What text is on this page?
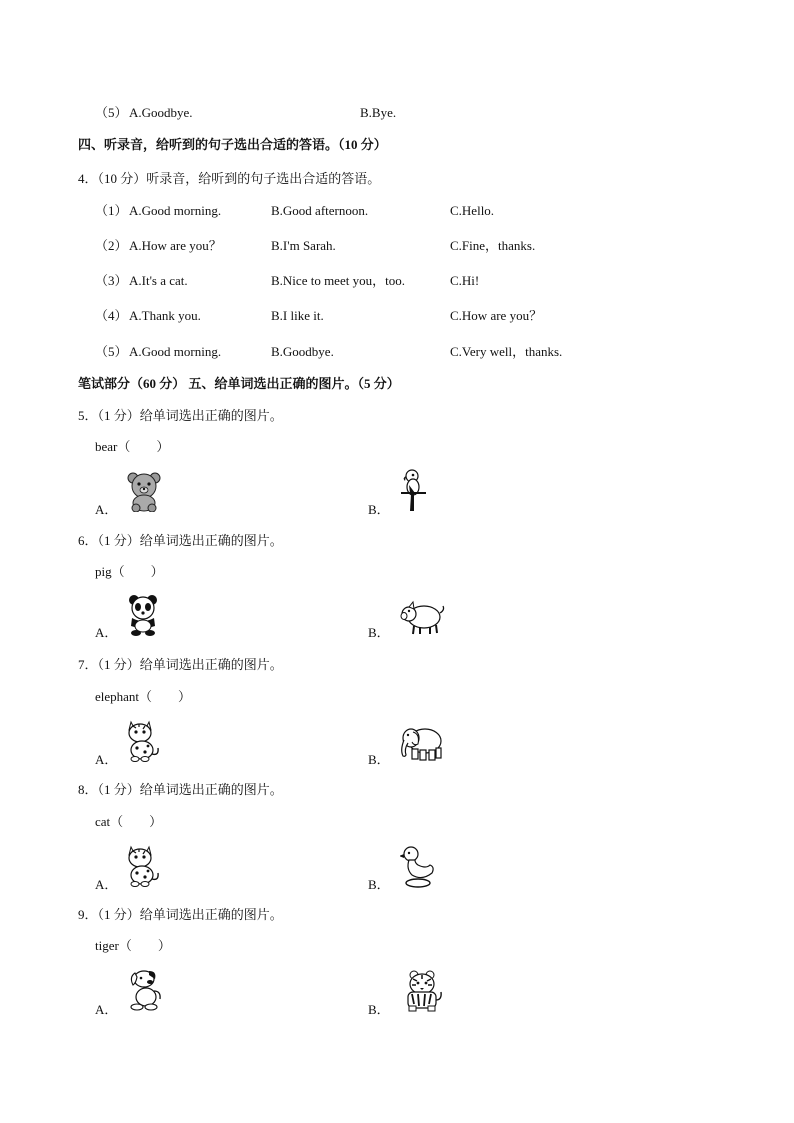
（5） A.Goodbye.	B.Bye.
四、听录音，给听到的句子选出合适的答语。（10 分）
4．（10 分）听录音，给听到的句子选出合适的答语。
（1） A.Good morning.	B.Good afternoon.	C.Hello.
（2） A.How are you？	B.I'm Sarah.	C.Fine，thanks.
（3） A.It's a cat.	B.Nice to meet you，too.	C.Hi!
（4） A.Thank you.	B.I like it.	C.How are you？
（5） A.Good morning.	B.Goodbye.	C.Very well，thanks.
笔试部分（60 分） 五、给单词选出正确的图片。（5 分）
5．（1 分）给单词选出正确的图片。
bear（　　）
A．	B．
6．（1 分）给单词选出正确的图片。
pig（　　）
A．	B．
7．（1 分）给单词选出正确的图片。
elephant（　　）
A．	B．
8．（1 分）给单词选出正确的图片。
cat（　　）
A．	B．
9．（1 分）给单词选出正确的图片。
tiger（　　）
A．	B．
